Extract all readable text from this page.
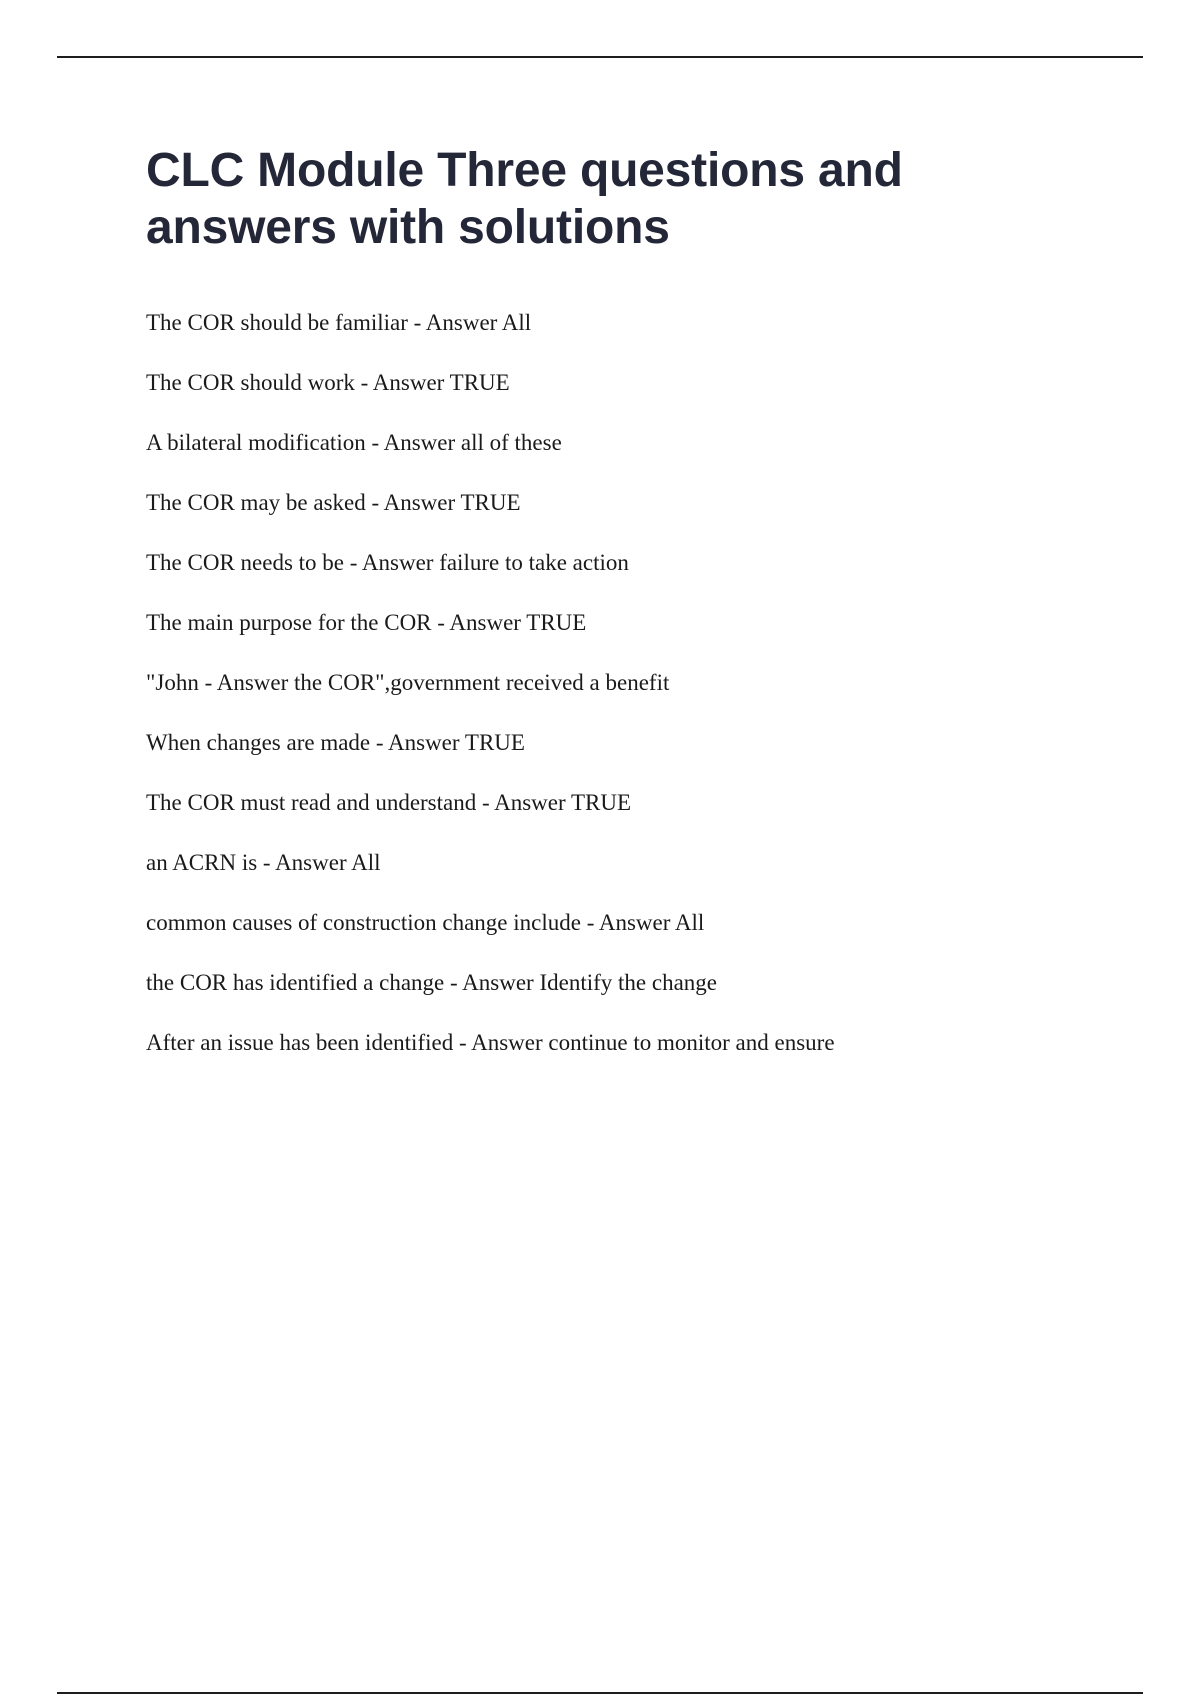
CLC Module Three questions and answers with solutions
The COR should be familiar - Answer All
The COR should work - Answer TRUE
A bilateral modification - Answer all of these
The COR may be asked - Answer TRUE
The COR needs to be - Answer failure to take action
The main purpose for the COR - Answer TRUE
"John - Answer the COR",government received a benefit
When changes are made - Answer TRUE
The COR must read and understand - Answer TRUE
an ACRN is - Answer All
common causes of construction change include - Answer All
the COR has identified a change - Answer Identify the change
After an issue has been identified - Answer continue to monitor and ensure
